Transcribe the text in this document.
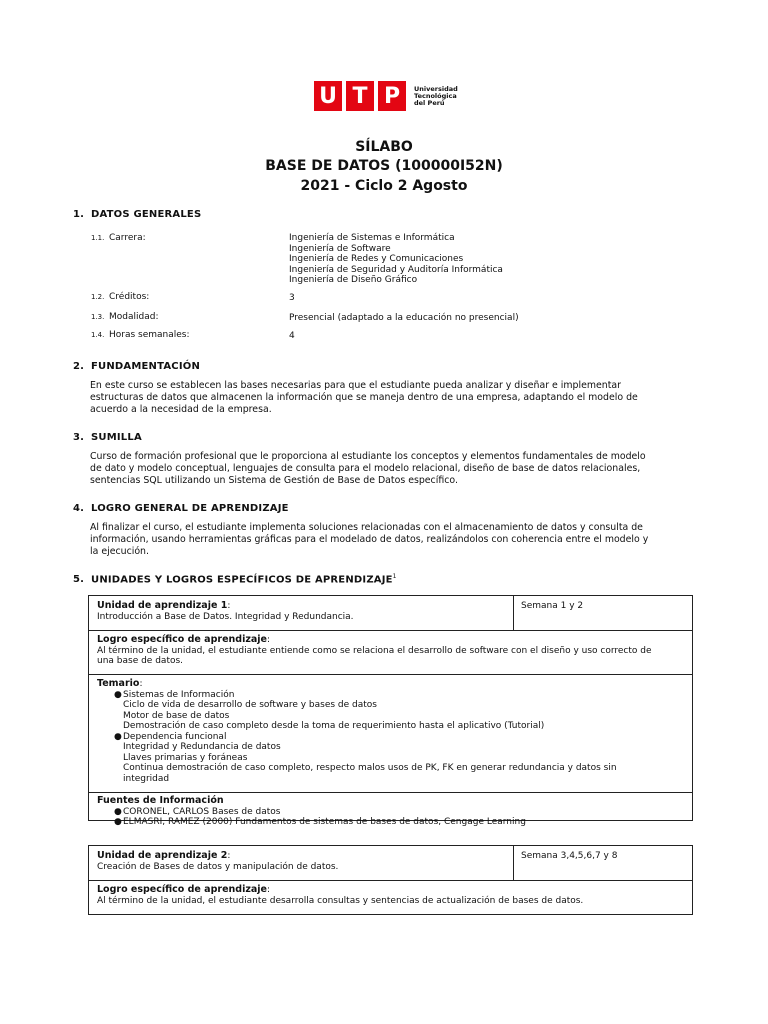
U T P	Universidad
Tecnológica
del Perú
SÍLABO
BASE DE DATOS (100000I52N)
2021 - Ciclo 2 Agosto
1. DATOS GENERALES
1.1. Carrera:	Ingeniería de Sistemas e Informática
Ingeniería de Software
Ingeniería de Redes y Comunicaciones
Ingeniería de Seguridad y Auditoría Informática
Ingeniería de Diseño Gráfico
1.2. Créditos:	3
1.3. Modalidad:	Presencial (adaptado a la educación no presencial)
1.4. Horas semanales:	4
2. FUNDAMENTACIÓN
En este curso se establecen las bases necesarias para que el estudiante pueda analizar y diseñar e implementar
estructuras de datos que almacenen la información que se maneja dentro de una empresa, adaptando el modelo de
acuerdo a la necesidad de la empresa.
3. SUMILLA
Curso de formación profesional que le proporciona al estudiante los conceptos y elementos fundamentales de modelo
de dato y modelo conceptual, lenguajes de consulta para el modelo relacional, diseño de base de datos relacionales,
sentencias SQL utilizando un Sistema de Gestión de Base de Datos específico.
4. LOGRO GENERAL DE APRENDIZAJE
Al finalizar el curso, el estudiante implementa soluciones relacionadas con el almacenamiento de datos y consulta de
información, usando herramientas gráficas para el modelado de datos, realizándolos con coherencia entre el modelo y
la ejecución.
5. UNIDADES Y LOGROS ESPECÍFICOS DE APRENDIZAJE$^1$
Unidad de aprendizaje 1:
Introducción a Base de Datos. Integridad y Redundancia.
Semana 1 y 2
Logro específico de aprendizaje:

Al término de la unidad, el estudiante entiende como se relaciona el desarrollo de software con el diseño y uso correcto de
una base de datos.
Temario:
● Sistemas de Información
Ciclo de vida de desarrollo de software y bases de datos
Motor de base de datos
Demostración de caso completo desde la toma de requerimiento hasta el aplicativo (Tutorial)
● Dependencia funcional
Integridad y Redundancia de datos
Llaves primarias y foráneas
Continua demostración de caso completo, respecto malos usos de PK, FK en generar redundancia y datos sin
integridad
Fuentes de Información
● CORONEL, CARLOS Bases de datos
● ELMASRI, RAMEZ (2000) Fundamentos de sistemas de bases de datos, Cengage Learning
Unidad de aprendizaje 2:
Creación de Bases de datos y manipulación de datos.
Semana 3,4,5,6,7 y 8
Logro específico de aprendizaje:

Al término de la unidad, el estudiante desarrolla consultas y sentencias de actualización de bases de datos.
